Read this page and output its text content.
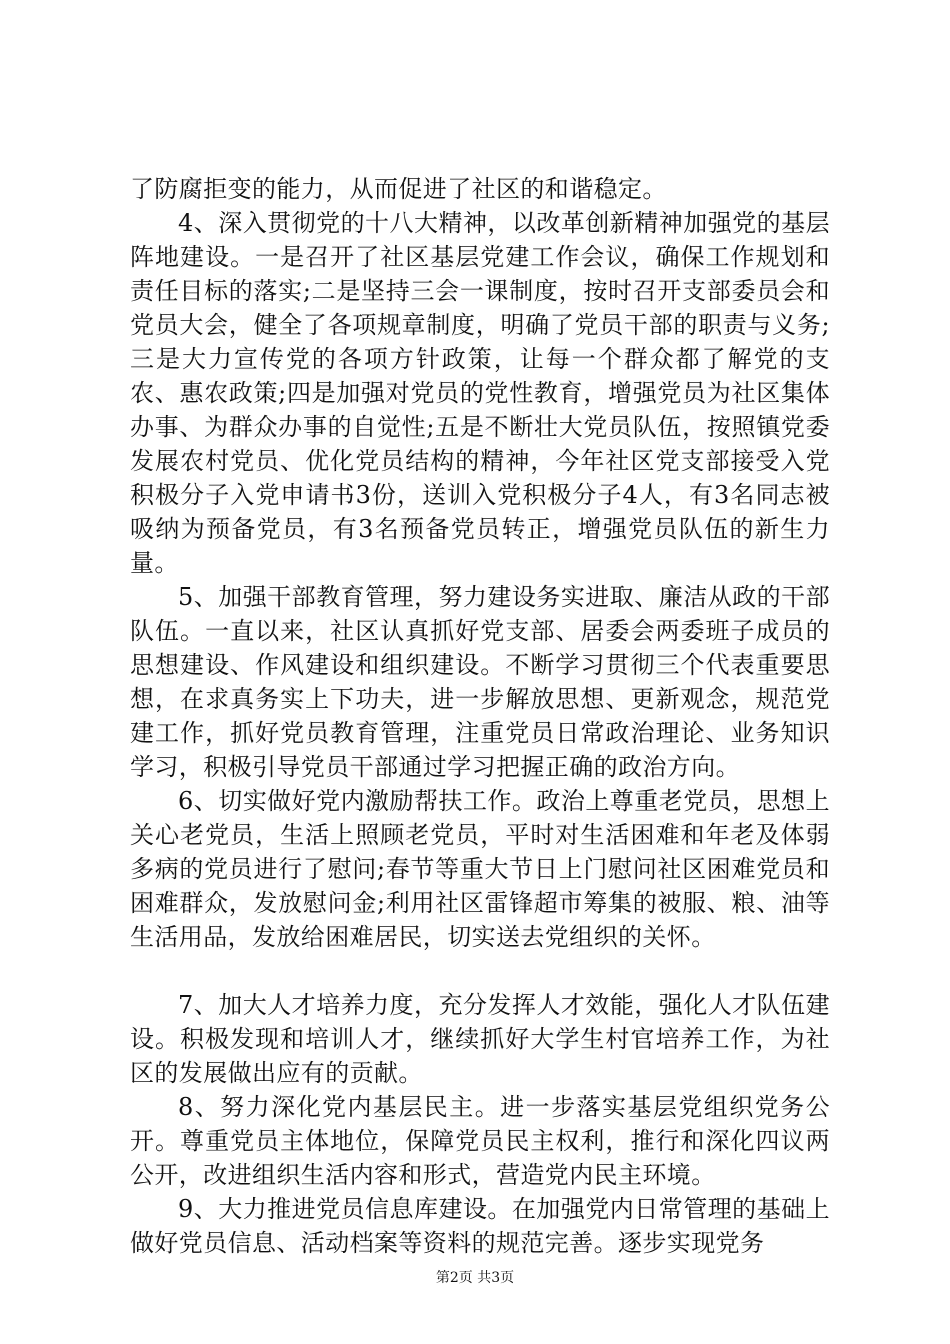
了防腐拒变的能力，从而促进了社区的和谐稳定。

4、深入贯彻党的十八大精神，以改革创新精神加强党的基层阵地建设。一是召开了社区基层党建工作会议，确保工作规划和责任目标的落实;二是坚持三会一课制度，按时召开支部委员会和党员大会，健全了各项规章制度，明确了党员干部的职责与义务;三是大力宣传党的各项方针政策，让每一个群众都了解党的支农、惠农政策;四是加强对党员的党性教育，增强党员为社区集体办事、为群众办事的自觉性;五是不断壮大党员队伍，按照镇党委发展农村党员、优化党员结构的精神，今年社区党支部接受入党积极分子入党申请书3份，送训入党积极分子4人，有3名同志被吸纳为预备党员，有3名预备党员转正，增强党员队伍的新生力量。

5、加强干部教育管理，努力建设务实进取、廉洁从政的干部队伍。一直以来，社区认真抓好党支部、居委会两委班子成员的思想建设、作风建设和组织建设。不断学习贯彻三个代表重要思想，在求真务实上下功夫，进一步解放思想、更新观念，规范党建工作，抓好党员教育管理，注重党员日常政治理论、业务知识学习，积极引导党员干部通过学习把握正确的政治方向。

6、切实做好党内激励帮扶工作。政治上尊重老党员，思想上关心老党员，生活上照顾老党员，平时对生活困难和年老及体弱多病的党员进行了慰问;春节等重大节日上门慰问社区困难党员和困难群众，发放慰问金;利用社区雷锋超市筹集的被服、粮、油等生活用品，发放给困难居民，切实送去党组织的关怀。

7、加大人才培养力度，充分发挥人才效能，强化人才队伍建设。积极发现和培训人才，继续抓好大学生村官培养工作，为社区的发展做出应有的贡献。

8、努力深化党内基层民主。进一步落实基层党组织党务公开。尊重党员主体地位，保障党员民主权利，推行和深化四议两公开，改进组织生活内容和形式，营造党内民主环境。

9、大力推进党员信息库建设。在加强党内日常管理的基础上做好党员信息、活动档案等资料的规范完善。逐步实现党务

第2页 共3页
